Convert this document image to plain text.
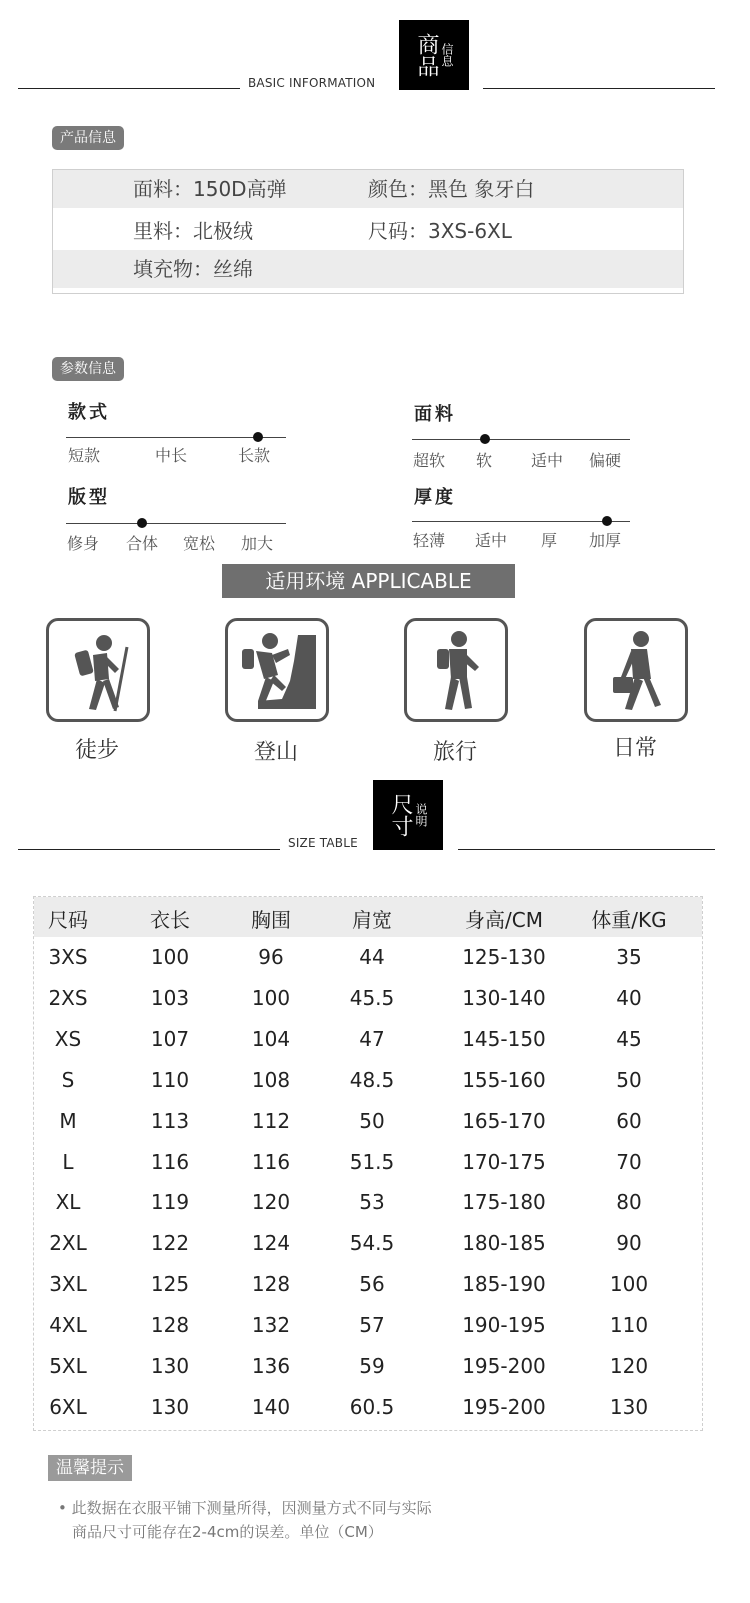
BASIC INFORMATION
商品 信息
产品信息
面料：150D高弹	颜色：黑色 象牙白
里料：北极绒	尺码：3XS-6XL
填充物：丝绵
参数信息
款式
短款	中长	长款
面料
超软 软 适中 偏硬
版型
修身 合体 宽松 加大
厚度
轻薄 适中 厚 加厚
适用环境 APPLICABLE
徒步	登山	旅行	日常
SIZE TABLE
尺寸 说明
尺码	衣长	胸围	肩宽	身高/CM	体重/KG
3XS	100	96	44	125-130	35
2XS	103	100	45.5	130-140	40
XS	107	104	47	145-150	45
S	110	108	48.5	155-160	50
M	113	112	50	165-170	60
L	116	116	51.5	170-175	70
XL	119	120	53	175-180	80
2XL	122	124	54.5	180-185	90
3XL	125	128	56	185-190	100
4XL	128	132	57	190-195	110
5XL	130	136	59	195-200	120
6XL	130	140	60.5	195-200	130
温馨提示
• 此数据在衣服平铺下测量所得，因测量方式不同与实际
商品尺寸可能存在2-4cm的误差。单位（CM）
